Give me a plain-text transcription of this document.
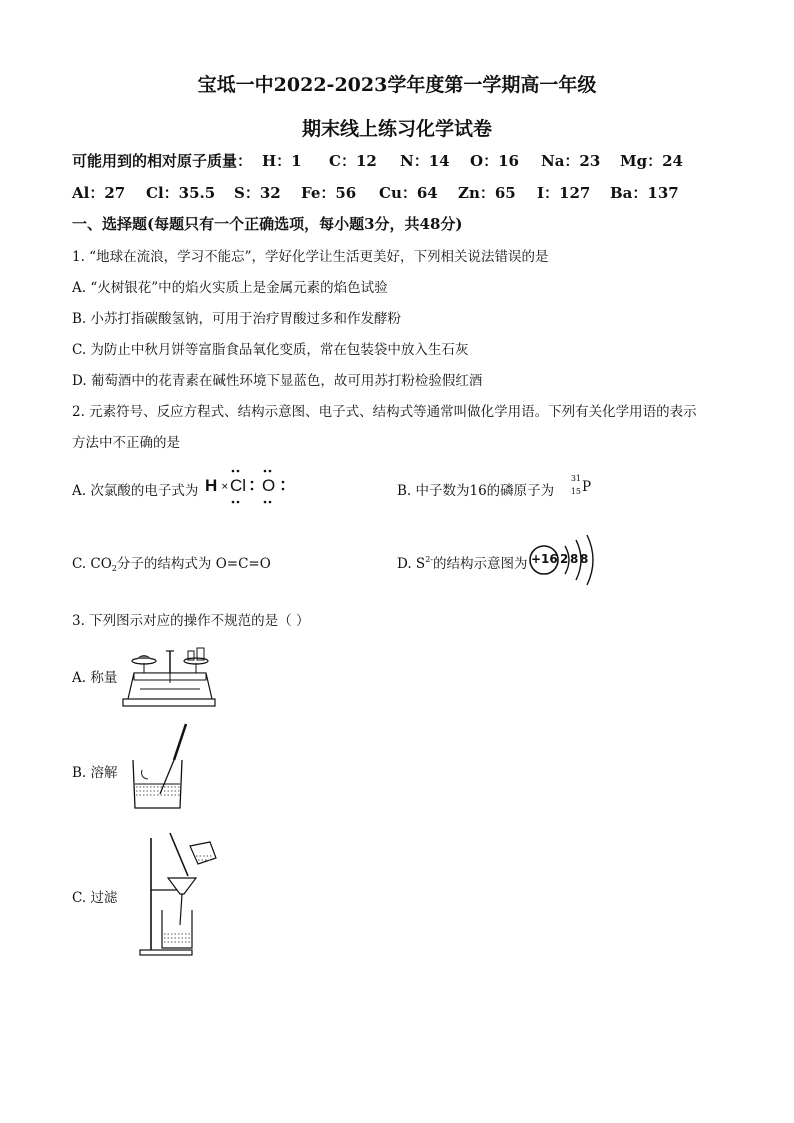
宝坻一中2022-2023学年度第一学期高一年级
期末线上练习化学试卷
可能用到的相对原子质量： H：1 C：12 N：14 O：16 Na：23 Mg：24
Al：27 Cl：35.5 S：32 Fe：56 Cu：64 Zn：65 I：127 Ba：137
一、选择题(每题只有一个正确选项，每小题3分，共48分)
1. “地球在流浪，学习不能忘”，学好化学让生活更美好，下列相关说法错误的是
A. “火树银花”中的焰火实质上是金属元素的焰色试验
B. 小苏打指碳酸氢钠，可用于治疗胃酸过多和作发酵粉
C. 为防止中秋月饼等富脂食品氧化变质，常在包装袋中放入生石灰
D. 葡萄酒中的花青素在碱性环境下显蓝色，故可用苏打粉检验假红酒
2. 元素符号、反应方程式、结构示意图、电子式、结构式等通常叫做化学用语。下列有关化学用语的表示
方法中不正确的是
A. 次氯酸的电子式为 H Cl O
×	B. 中子数为16的磷原子为
31
15 P
C. $CO_2$分子的结构式为 O=C=O	D. $S^{2-}$的结构示意图为 +16 2 8 8
3. 下列图示对应的操作不规范的是（ ）
A. 称量
B. 溶解
C. 过滤
